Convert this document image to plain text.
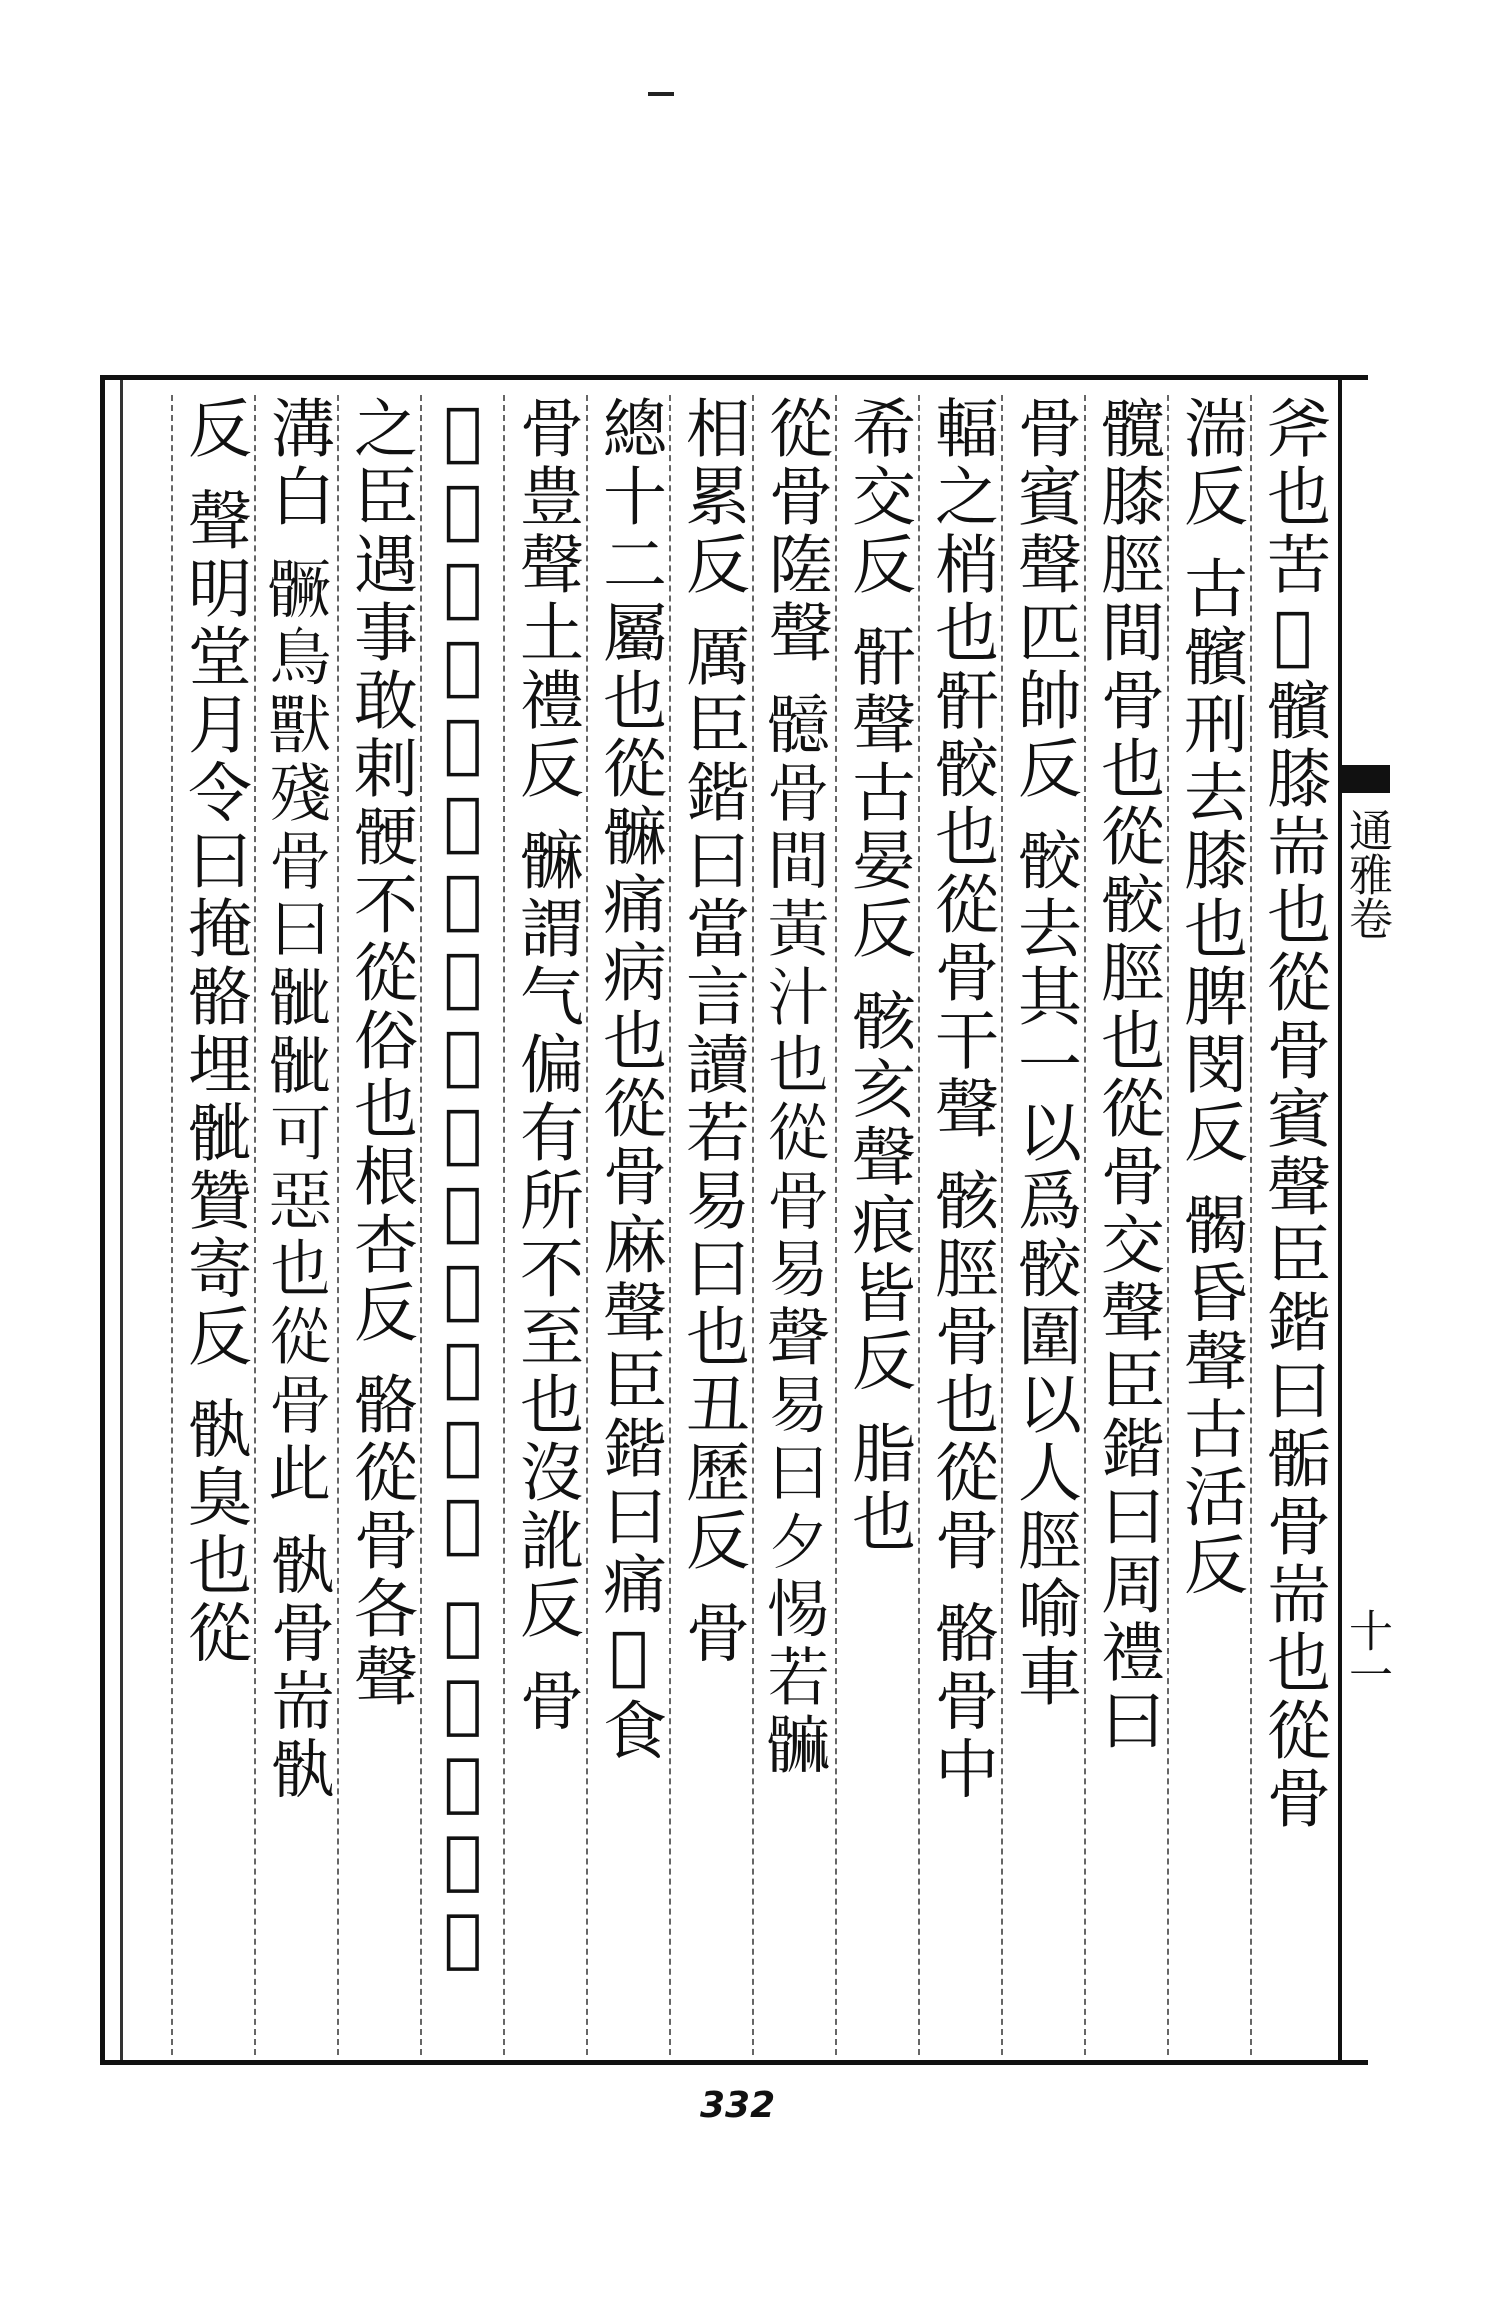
通雅卷
十一
斧也苦𩪬髕膝耑也從骨賓聲臣鍇曰骺骨耑也從骨
湍反 古髕刑去膝也脾閔反 𩩲昏聲古活反
髖膝脛間骨也從骹脛也從骨交聲臣鍇曰周禮曰
骨賓聲匹帥反 骹去其一以爲骹圍以人脛喻車
輻之梢也骭骹也從骨干聲 骸脛骨也從骨 骼骨中
希交反 骭聲古晏反 骸亥聲痕皆反 脂也
從骨隓聲 𩪣骨間黃汁也從骨易聲易曰夕惕若髍
相累反 厲臣鍇曰當言讀若易曰也丑歷反 骨
總十二屬也從髍痛病也從骨麻聲臣鍇曰痛𩪓食
骨豊聲土禮反 髍謂气偏有所不至也沒訛反 骨
𩪓咽中也從骨叜聲臣鍇曰古有骨骾 𩪔禽獸之骨
之臣遇事敢剌骾不從俗也根杏反 骼從骨各聲
溝白 𩪗鳥獸殘骨曰骴骴可惡也從骨此 骫骨耑骫
反 聲明堂月令曰掩骼埋骴贊寄反 骫臭也從
332
